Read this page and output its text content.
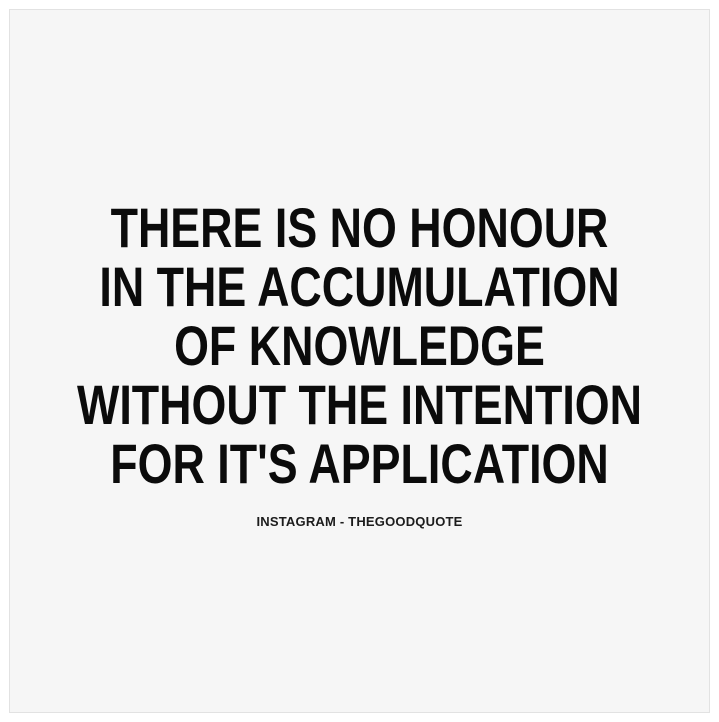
THERE IS NO HONOUR
IN THE ACCUMULATION
OF KNOWLEDGE
WITHOUT THE INTENTION
FOR IT'S APPLICATION
INSTAGRAM - THEGOODQUOTE
